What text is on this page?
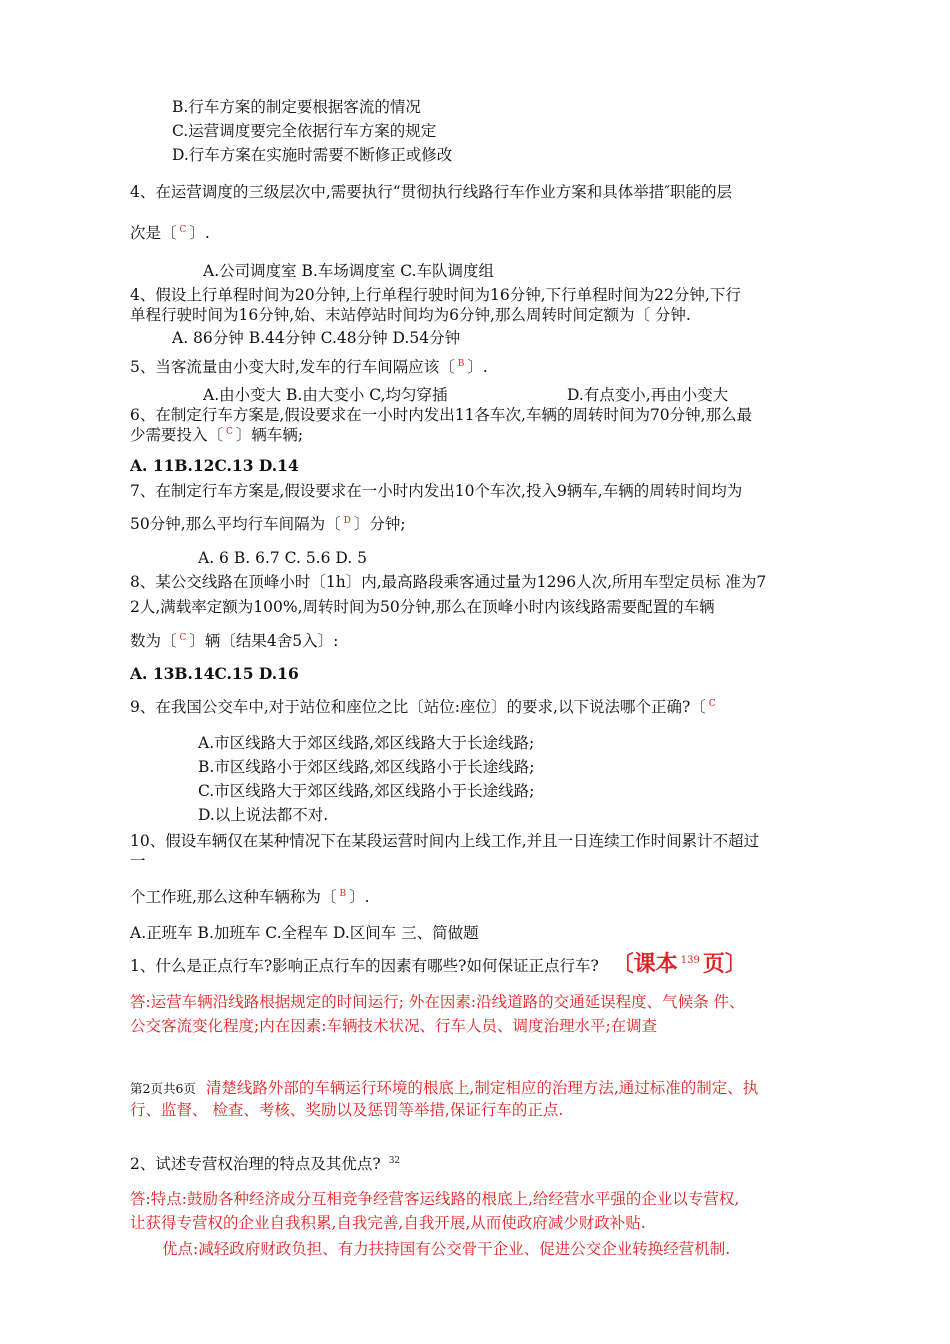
B.行车方案的制定要根据客流的情况
C.运营调度要完全依据行车方案的规定
D.行车方案在实施时需要不断修正或修改
4、在运营调度的三级层次中,需要执行“贯彻执行线路行车作业方案和具体举措″职能的层
次是〔 $^C$ 〕.
A.公司调度室 B.车场调度室 C.车队调度组
4、假设上行单程时间为20分钟,上行单程行驶时间为16分钟,下行单程时间为22分钟,下行
单程行驶时间为16分钟,始、末站停站时间均为6分钟,那么周转时间定额为〔 分钟.
A. 86分钟 B.44分钟 C.48分钟 D.54分钟
5、当客流量由小变大时,发车的行车间隔应该〔 $^B$ 〕.
A.由小变大 B.由大变小 C,均匀穿插	D.有点变小,再由小变大
6、在制定行车方案是,假设要求在一小时内发出11各车次,车辆的周转时间为70分钟,那么最
少需要投入〔 $^C$ 〕辆车辆;
A. 11B.12C.13 D.14
7、在制定行车方案是,假设要求在一小时内发出10个车次,投入9辆车,车辆的周转时间均为
50分钟,那么平均行车间隔为〔 $^D$ 〕分钟;
A. 6 B. 6.7 C. 5.6 D. 5
8、某公交线路在顶峰小时〔1h〕内,最高路段乘客通过量为1296人次,所用车型定员标 准为7
2人,满载率定额为100%,周转时间为50分钟,那么在顶峰小时内该线路需要配置的车辆
数为〔 $^C$ 〕辆〔结果4舍5入〕:
A. 13B.14C.15 D.16
9、在我国公交车中,对于站位和座位之比〔站位:座位〕的要求,以下说法哪个正确?〔 $^C$
A.市区线路大于郊区线路,郊区线路大于长途线路;
B.市区线路小于郊区线路,郊区线路小于长途线路;
C.市区线路大于郊区线路,郊区线路小于长途线路;
D.以上说法都不对.
10、假设车辆仅在某种情况下在某段运营时间内上线工作,并且一日连续工作时间累计不超过
一
个工作班,那么这种车辆称为〔 $^B$ 〕.
A.正班车 B.加班车 C.全程车 D.区间车 三、简做题
1、什么是正点行车?影响正点行车的因素有哪些?如何保证正点行车? 〔课本 $^{139}$ 页〕
答:运营车辆沿线路根据规定的时间运行; 外在因素:沿线道路的交通延误程度、气候条 件、
公交客流变化程度;内在因素:车辆技术状况、行车人员、调度治理水平;在调查
第2页共6页 清楚线路外部的车辆运行环境的根底上,制定相应的治理方法,通过标准的制定、执
行、监督、 检查、考核、奖励以及惩罚等举措,保证行车的正点.
2、试述专营权治理的特点及其优点? $^{32}$
答:特点:鼓励各种经济成分互相竞争经营客运线路的根底上,给经营水平强的企业以专营权,
让获得专营权的企业自我积累,自我完善,自我开展,从而使政府减少财政补贴.
优点:减轻政府财政负担、有力扶持国有公交骨干企业、促进公交企业转换经营机制.
